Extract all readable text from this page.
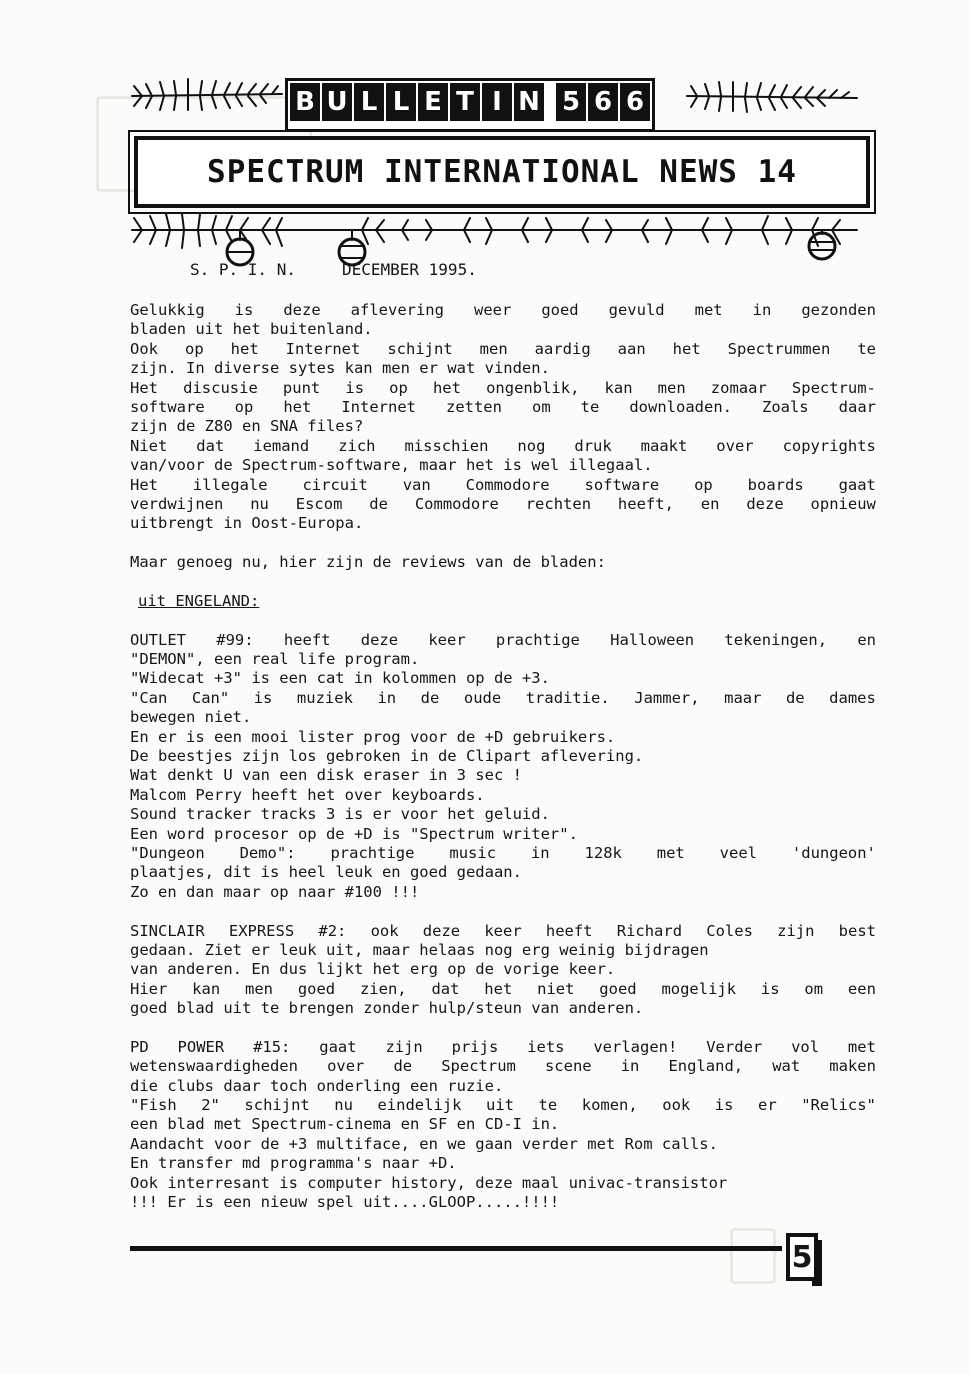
B U L L E T I N 5 6 6
SPECTRUM INTERNATIONAL NEWS 14
S. P. I. N.	DECEMBER 1995.
Gelukkig is deze aflevering weer goed gevuld met in gezonden
bladen uit het buitenland.
Ook op het Internet schijnt men aardig aan het Spectrummen te
zijn. In diverse sytes kan men er wat vinden.
Het discusie punt is op het ongenblik, kan men zomaar Spectrum-
software op het Internet zetten om te downloaden. Zoals daar
zijn de Z80 en SNA files?
Niet dat iemand zich misschien nog druk maakt over copyrights
van/voor de Spectrum-software, maar het is wel illegaal.
Het illegale circuit van Commodore software op boards gaat
verdwijnen nu Escom de Commodore rechten heeft, en deze opnieuw
uitbrengt in Oost-Europa.
Maar genoeg nu, hier zijn de reviews van de bladen:
uit ENGELAND:
OUTLET #99: heeft deze keer prachtige Halloween tekeningen, en
"DEMON", een real life program.
"Widecat +3" is een cat in kolommen op de +3.
"Can Can" is muziek in de oude traditie. Jammer, maar de dames
bewegen niet.
En er is een mooi lister prog voor de +D gebruikers.
De beestjes zijn los gebroken in de Clipart aflevering.
Wat denkt U van een disk eraser in 3 sec !
Malcom Perry heeft het over keyboards.
Sound tracker tracks 3 is er voor het geluid.
Een word procesor op de +D is "Spectrum writer".
"Dungeon Demo": prachtige music in 128k met veel 'dungeon'
plaatjes, dit is heel leuk en goed gedaan.
Zo en dan maar op naar #100 !!!
SINCLAIR EXPRESS #2: ook deze keer heeft Richard Coles zijn best
gedaan. Ziet er leuk uit, maar helaas nog erg weinig bijdragen
van anderen. En dus lijkt het erg op de vorige keer.
Hier kan men goed zien, dat het niet goed mogelijk is om een
goed blad uit te brengen zonder hulp/steun van anderen.
PD POWER #15: gaat zijn prijs iets verlagen! Verder vol met
wetenswaardigheden over de Spectrum scene in England, wat maken
die clubs daar toch onderling een ruzie.
"Fish 2" schijnt nu eindelijk uit te komen, ook is er "Relics"
een blad met Spectrum-cinema en SF en CD-I in.
Aandacht voor de +3 multiface, en we gaan verder met Rom calls.
En transfer md programma's naar +D.
Ook interresant is computer history, deze maal univac-transistor
!!! Er is een nieuw spel uit....GLOOP.....!!!!
5
